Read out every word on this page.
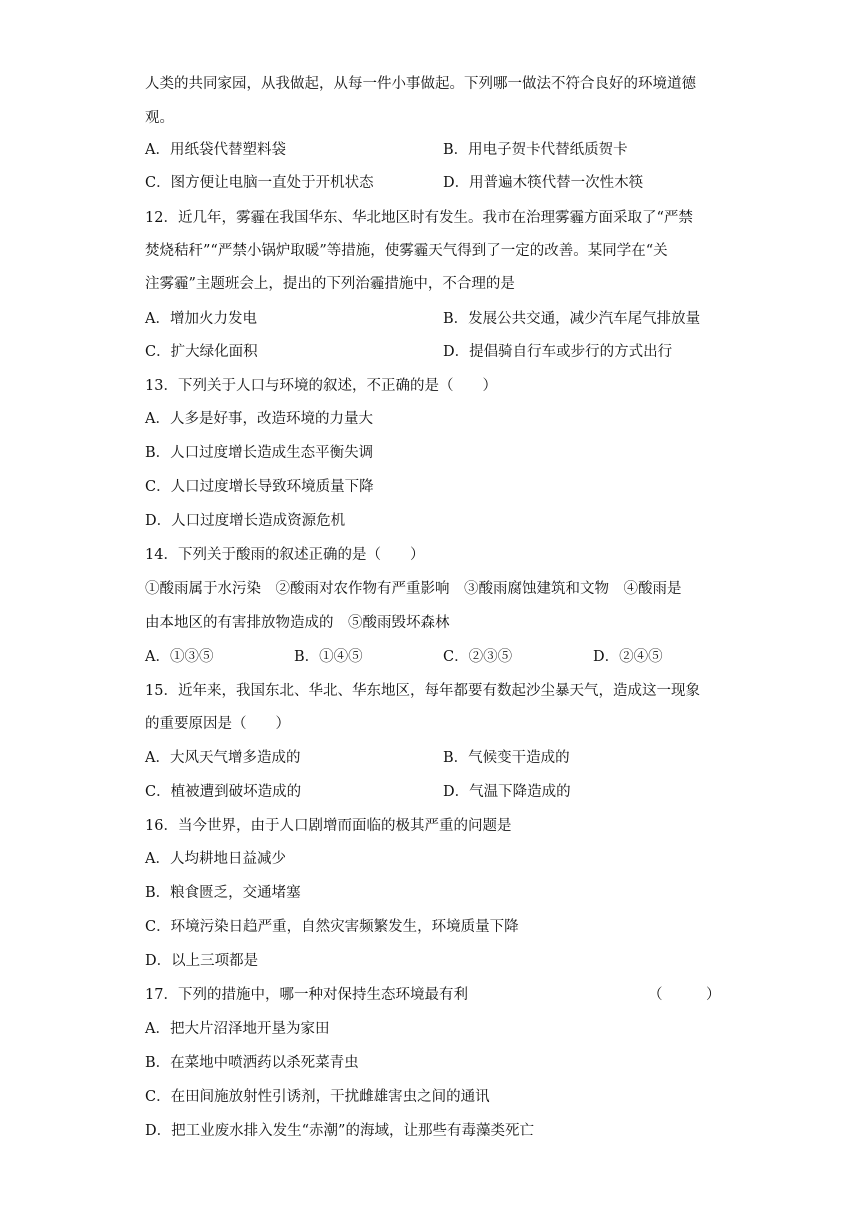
人类的共同家园，从我做起，从每一件小事做起。下列哪一做法不符合良好的环境道德
观。
A．用纸袋代替塑料袋	B．用电子贺卡代替纸质贺卡
C．图方便让电脑一直处于开机状态	D．用普遍木筷代替一次性木筷
12．近几年，雾霾在我国华东、华北地区时有发生。我市在治理雾霾方面采取了“严禁
焚烧秸秆”“严禁小锅炉取暖”等措施，使雾霾天气得到了一定的改善。某同学在“关
注雾霾”主题班会上，提出的下列治霾措施中，不合理的是
A．增加火力发电	B．发展公共交通，减少汽车尾气排放量
C．扩大绿化面积	D．提倡骑自行车或步行的方式出行
13．下列关于人口与环境的叙述，不正确的是（　　）
A．人多是好事，改造环境的力量大
B．人口过度增长造成生态平衡失调
C．人口过度增长导致环境质量下降
D．人口过度增长造成资源危机
14．下列关于酸雨的叙述正确的是（　　）
①酸雨属于水污染　②酸雨对农作物有严重影响　③酸雨腐蚀建筑和文物　④酸雨是
由本地区的有害排放物造成的　⑤酸雨毁坏森林
A．①③⑤	B．①④⑤	C．②③⑤	D．②④⑤
15．近年来，我国东北、华北、华东地区，每年都要有数起沙尘暴天气，造成这一现象
的重要原因是（　　）
A．大风天气增多造成的	B．气候变干造成的
C．植被遭到破坏造成的	D．气温下降造成的
16．当今世界，由于人口剧增而面临的极其严重的问题是
A．人均耕地日益减少
B．粮食匮乏，交通堵塞
C．环境污染日趋严重，自然灾害频繁发生，环境质量下降
D．以上三项都是
17．下列的措施中，哪一种对保持生态环境最有利	（　　　）
A．把大片沼泽地开垦为家田
B．在菜地中喷洒药以杀死菜青虫
C．在田间施放射性引诱剂，干扰雌雄害虫之间的通讯
D．把工业废水排入发生“赤潮”的海域，让那些有毒藻类死亡
